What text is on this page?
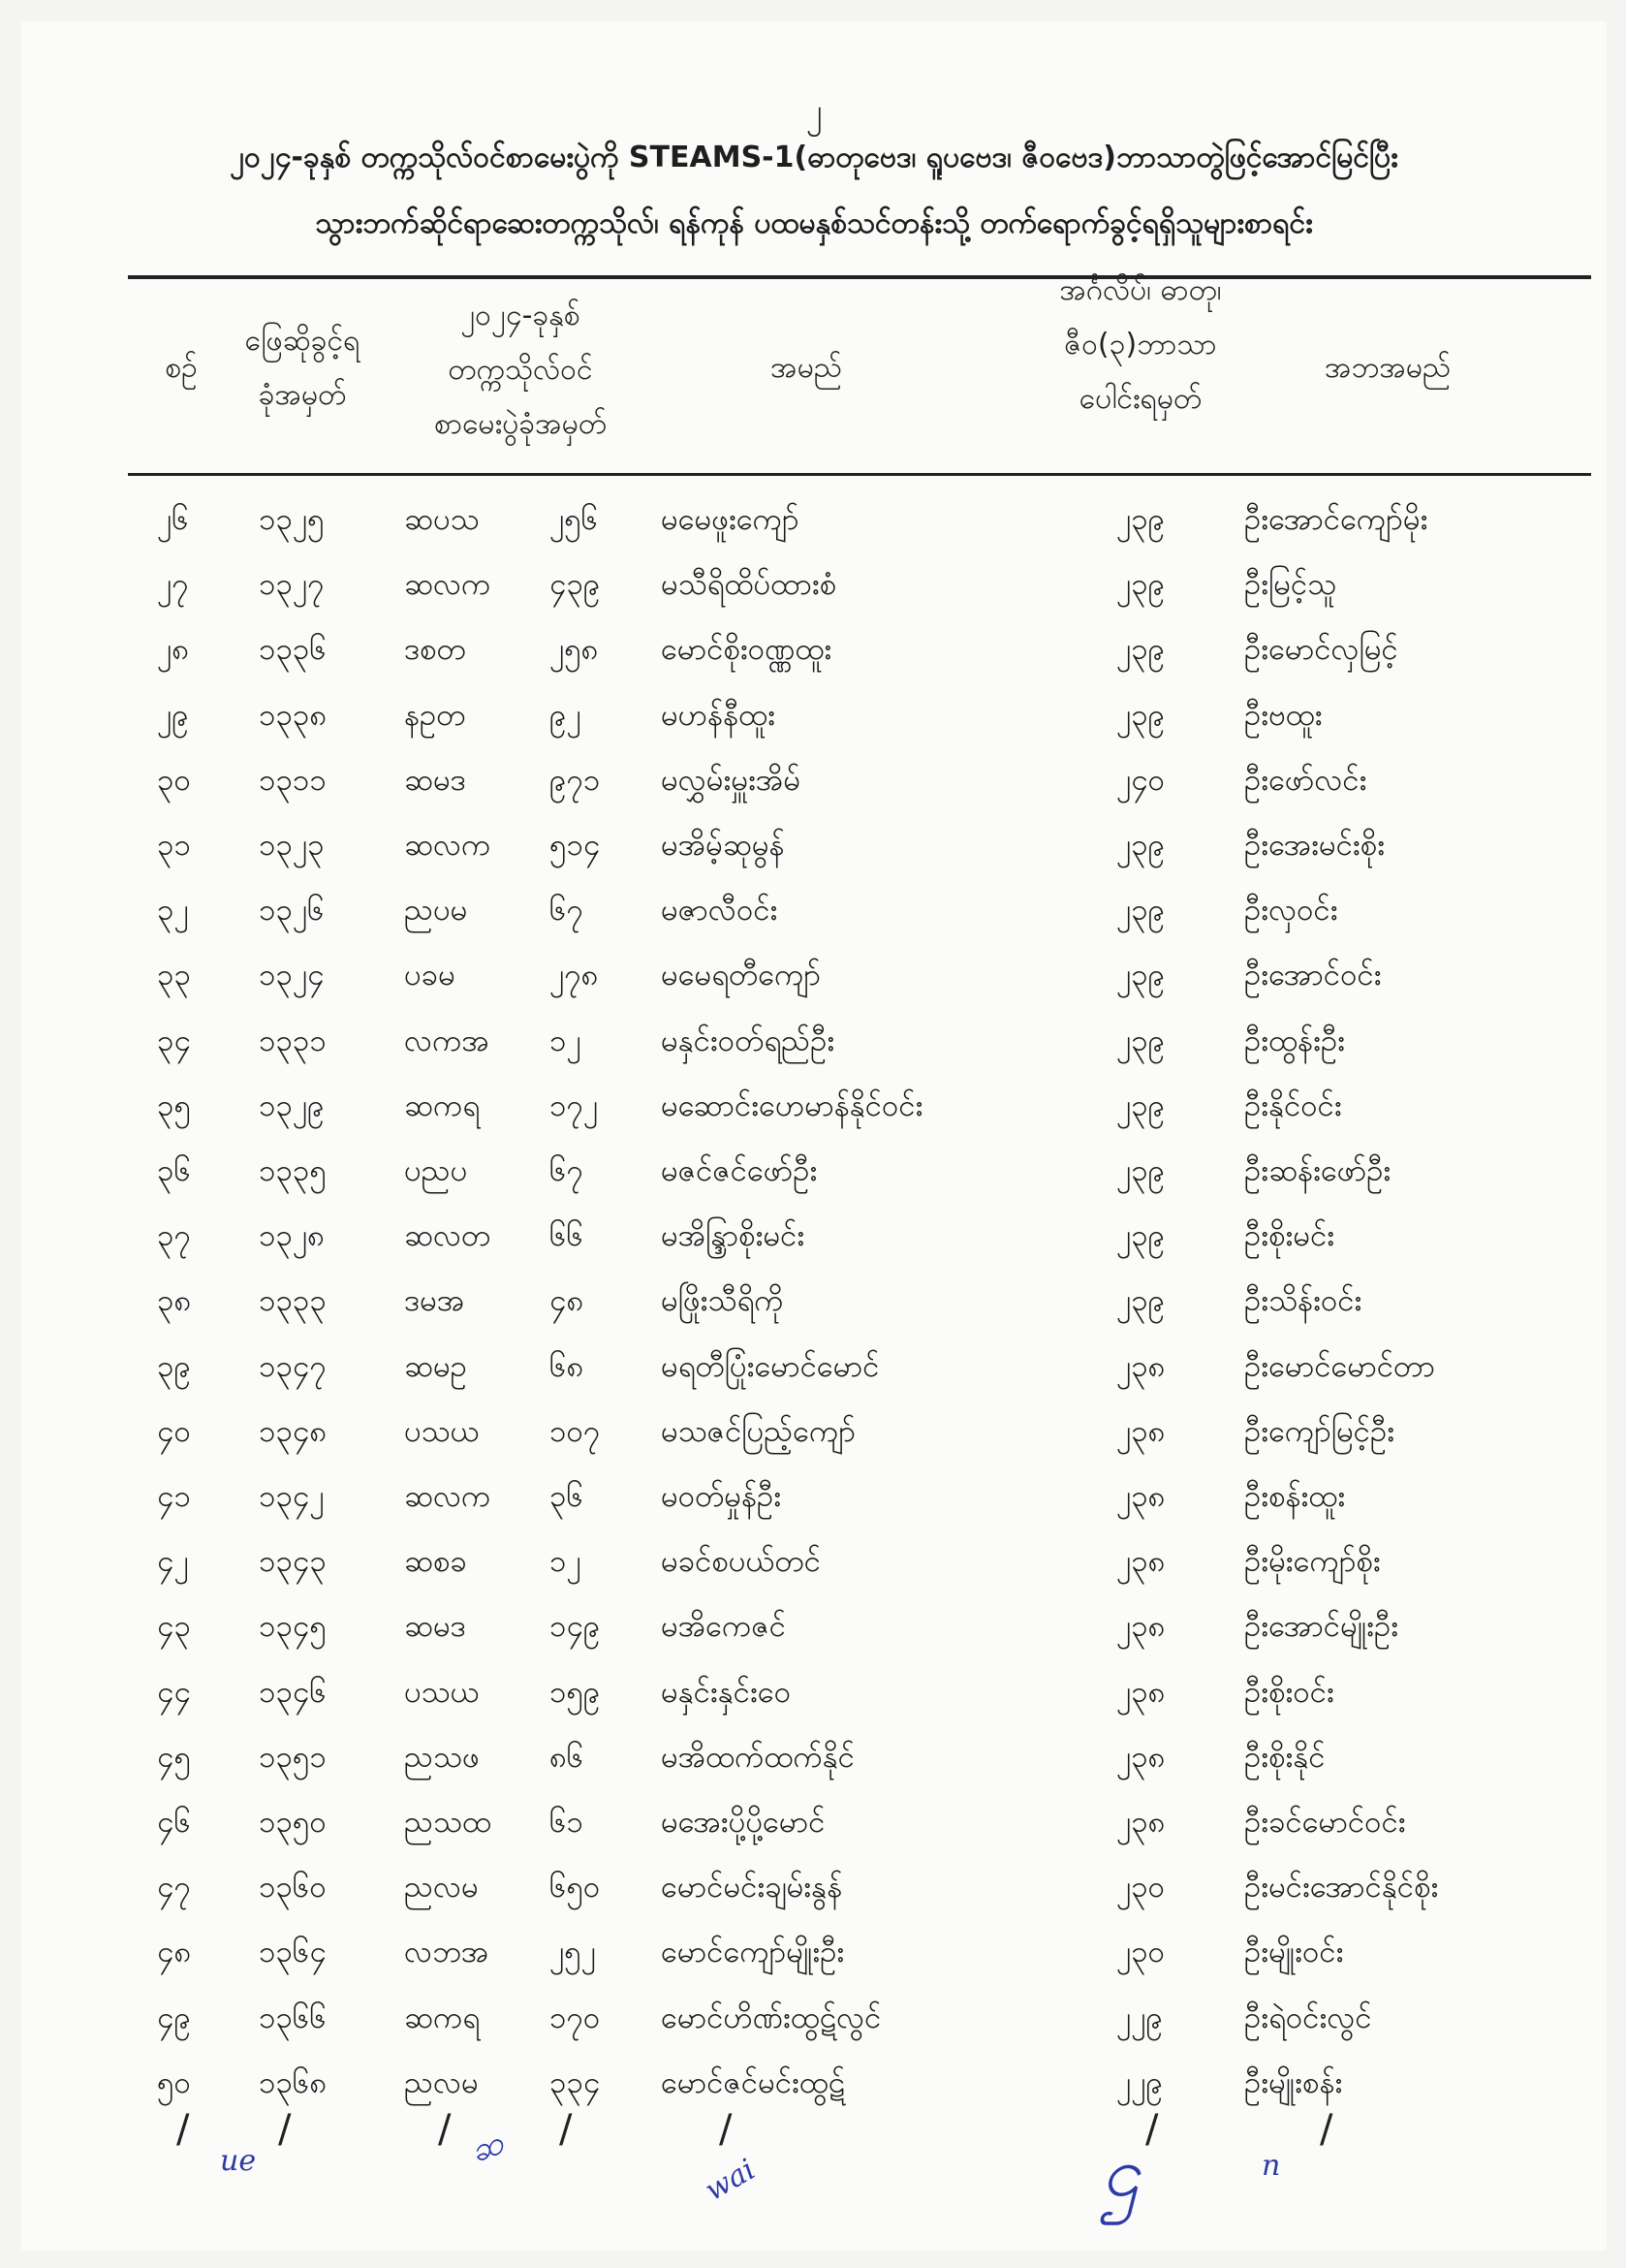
၂
၂၀၂၄-ခုနှစ် တက္ကသိုလ်ဝင်စာမေးပွဲကို STEAMS-1(ဓာတုဗေဒ၊ ရူပဗေဒ၊ ဇီဝဗေဒ)ဘာသာတွဲဖြင့်အောင်မြင်ပြီး
သွားဘက်ဆိုင်ရာဆေးတက္ကသိုလ်၊ ရန်ကုန် ပထမနှစ်သင်တန်းသို့ တက်ရောက်ခွင့်ရရှိသူများစာရင်း
စဉ်
ဖြေဆိုခွင့်ရ
ခုံအမှတ်
၂၀၂၄-ခုနှစ်
တက္ကသိုလ်ဝင်
စာမေးပွဲခုံအမှတ်
အမည်
အင်္ဂလိပ်၊ ဓာတု၊
ဇီဝ(၃)ဘာသာ
ပေါင်းရမှတ်
အဘအမည်
၂၆ ၁၃၂၅	ဆပသ ၂၅၆ မမေဖူးကျော်	၂၃၉	ဦးအောင်ကျော်မိုး
၂၇ ၁၃၂၇	ဆလက ၄၃၉ မသီရိထိပ်ထားစံ	၂၃၉	ဦးမြင့်သူ
၂၈ ၁၃၃၆	ဒစတ	၂၅၈ မောင်စိုးဝဏ္ဏထူး	၂၃၉	ဦးမောင်လှမြင့်
၂၉ ၁၃၃၈	နဥတ	၉၂	မဟန်နီထူး	၂၃၉	ဦးဗထူး
၃၀ ၁၃၁၁	ဆမဒ	၉၇၁ မလွှမ်းမှူးအိမ်	၂၄၀	ဦးဖော်လင်း
၃၁ ၁၃၂၃	ဆလက ၅၁၄ မအိမ့်ဆုမွန်	၂၃၉	ဦးအေးမင်းစိုး
၃၂ ၁၃၂၆	ညပမ	၆၇	မဇာလီဝင်း	၂၃၉	ဦးလှဝင်း
၃၃ ၁၃၂၄	ပခမ	၂၇၈ မမေရတီကျော်	၂၃၉	ဦးအောင်ဝင်း
၃၄ ၁၃၃၁	လကအ ၁၂	မနှင်းဝတ်ရည်ဦး	၂၃၉	ဦးထွန်းဦး
၃၅ ၁၃၂၉	ဆကရ ၁၇၂ မဆောင်းဟေမာန်နိုင်ဝင်း	၂၃၉	ဦးနိုင်ဝင်း
၃၆ ၁၃၃၅	ပညပ	၆၇	မဇင်ဇင်ဖော်ဦး	၂၃၉	ဦးဆန်းဖော်ဦး
၃၇ ၁၃၂၈	ဆလတ ၆၆	မအိန္ဒြာစိုးမင်း	၂၃၉	ဦးစိုးမင်း
၃၈ ၁၃၃၃	ဒမအ	၄၈	မဖြိုးသီရိကို	၂၃၉	ဦးသိန်းဝင်း
၃၉ ၁၃၄၇	ဆမဥ	၆၈	မရတီပြုံးမောင်မောင်	၂၃၈	ဦးမောင်မောင်တာ
၄၀ ၁၃၄၈	ပသယ ၁၀၇ မသဇင်ပြည့်ကျော်	၂၃၈	ဦးကျော်မြင့်ဦး
၄၁ ၁၃၄၂	ဆလက ၃၆	မဝတ်မှုန်ဦး	၂၃၈	ဦးစန်းထူး
၄၂ ၁၃၄၃	ဆစခ	၁၂	မခင်စပယ်တင်	၂၃၈	ဦးမိုးကျော်စိုး
၄၃ ၁၃၄၅	ဆမဒ	၁၄၉ မအိကေဇင်	၂၃၈	ဦးအောင်မျိုးဦး
၄၄ ၁၃၄၆	ပသယ ၁၅၉ မနှင်းနှင်းဝေ	၂၃၈	ဦးစိုးဝင်း
၄၅ ၁၃၅၁	ညသဖ ၈၆	မအိထက်ထက်နိုင်	၂၃၈	ဦးစိုးနိုင်
၄၆ ၁၃၅၀	ညသထ ၆၁	မအေးပို့ပို့မောင်	၂၃၈	ဦးခင်မောင်ဝင်း
၄၇ ၁၃၆၀	ညလမ ၆၅၀ မောင်မင်းချမ်းနွန်	၂၃၀	ဦးမင်းအောင်နိုင်စိုး
၄၈ ၁၃၆၄	လဘအ ၂၅၂ မောင်ကျော်မျိုးဦး	၂၃၀	ဦးမျိုးဝင်း
၄၉ ၁၃၆၆	ဆကရ ၁၇၀ မောင်ဟိဏ်းထွဋ်လွင်	၂၂၉	ဦးရဲဝင်းလွင်
၅၀ ၁၃၆၈	ညလမ ၃၃၄ မောင်ဇင်မင်းထွဋ်	၂၂၉	ဦးမျိုးစန်း
/ /	/	/	/	/	/
ue	ဆ
wai	ဌ	n
